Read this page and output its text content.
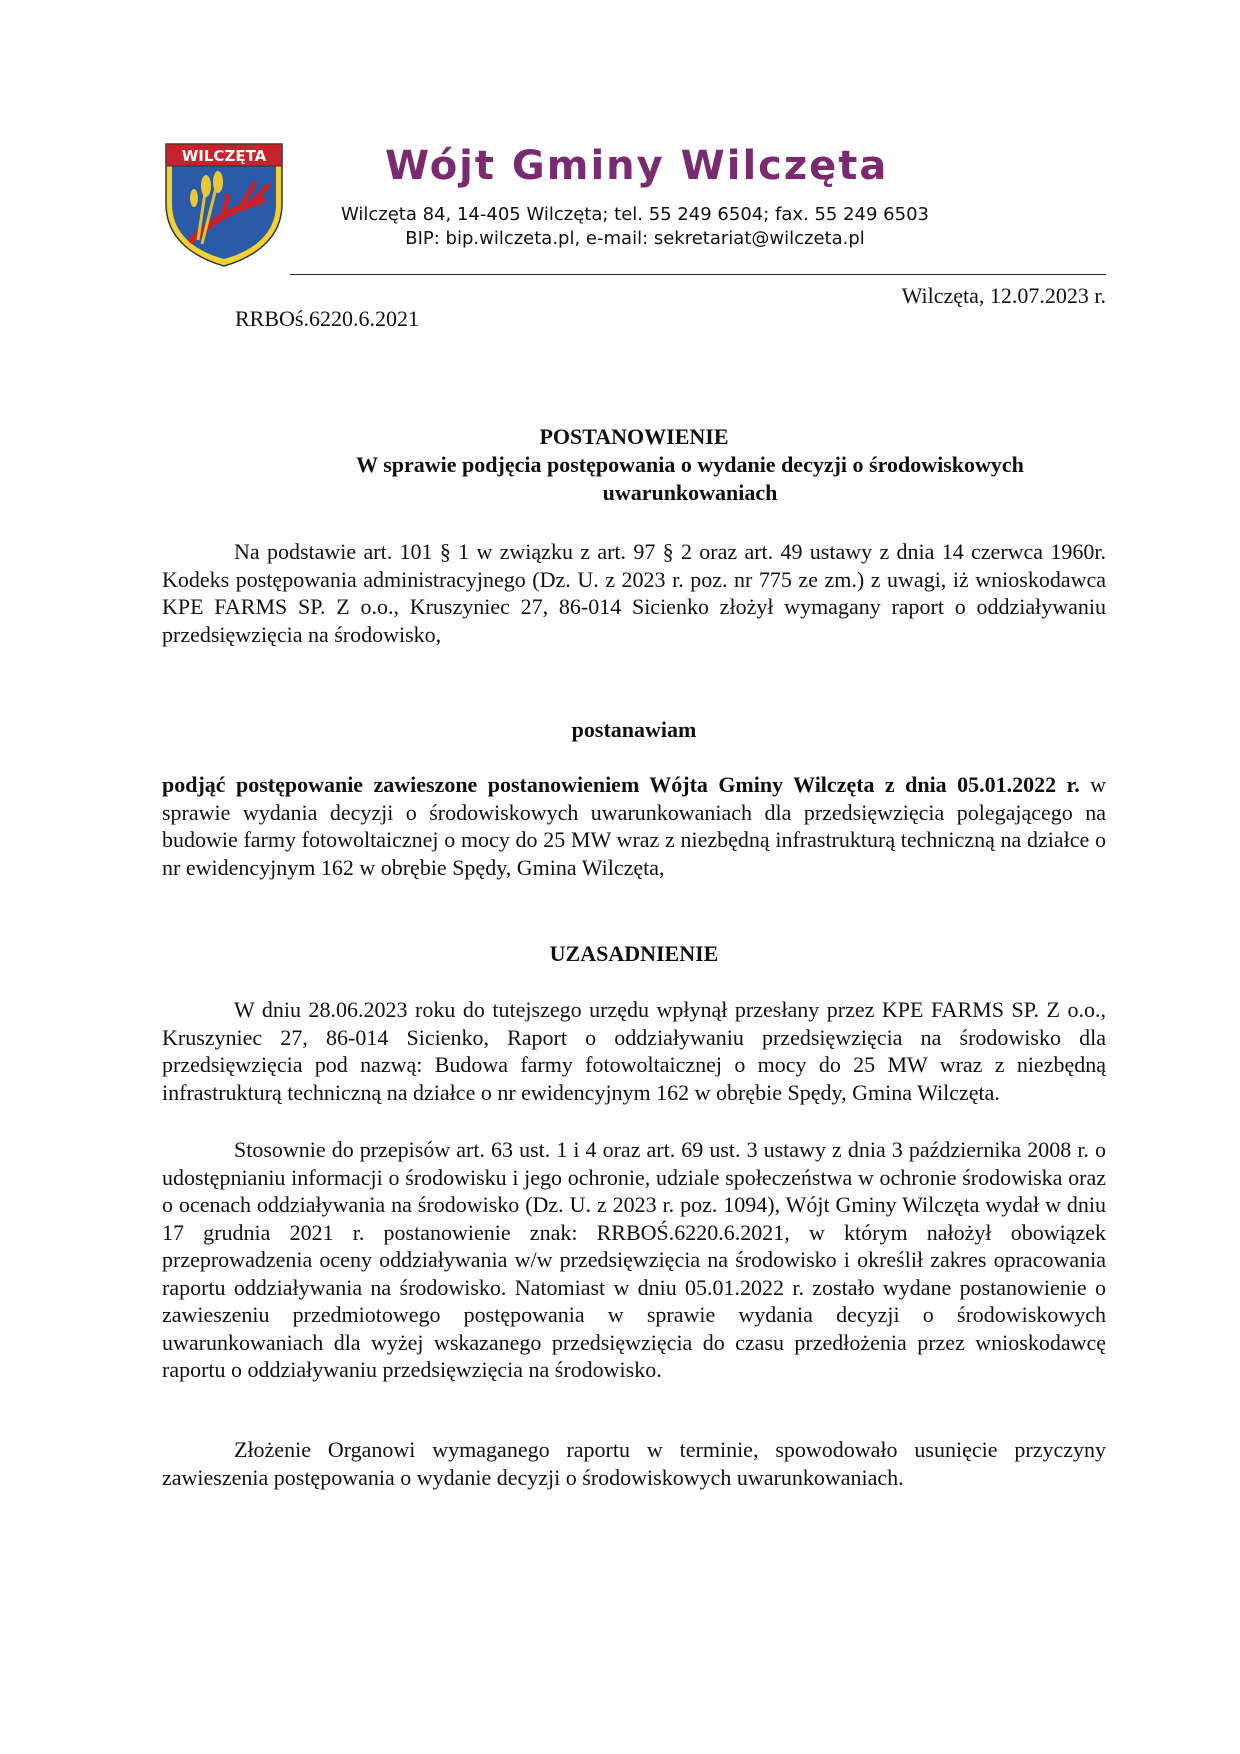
WILCZĘTA	Wójt Gminy Wilczęta
Wilczęta 84, 14-405 Wilczęta; tel. 55 249 6504; fax. 55 249 6503
BIP: bip.wilczeta.pl, e-mail: sekretariat@wilczeta.pl
Wilczęta, 12.07.2023 r.
RRBOś.6220.6.2021
POSTANOWIENIE
W sprawie podjęcia postępowania o wydanie decyzji o środowiskowych uwarunkowaniach
Na podstawie art. 101 § 1 w związku z art. 97 § 2 oraz art. 49 ustawy z dnia 14 czerwca 1960r. Kodeks postępowania administracyjnego (Dz. U. z 2023 r. poz. nr 775 ze zm.) z uwagi, iż wnioskodawca KPE FARMS SP. Z o.o., Kruszyniec 27, 86-014 Sicienko złożył wymagany raport o oddziaływaniu przedsięwzięcia na środowisko,
postanawiam
podjąć postępowanie zawieszone postanowieniem Wójta Gminy Wilczęta z dnia 05.01.2022 r. w sprawie wydania decyzji o środowiskowych uwarunkowaniach dla przedsięwzięcia polegającego na budowie farmy fotowoltaicznej o mocy do 25 MW wraz z niezbędną infrastrukturą techniczną na działce o nr ewidencyjnym 162 w obrębie Spędy, Gmina Wilczęta,
UZASADNIENIE
W dniu 28.06.2023 roku do tutejszego urzędu wpłynął przesłany przez KPE FARMS SP. Z o.o., Kruszyniec 27, 86-014 Sicienko, Raport o oddziaływaniu przedsięwzięcia na środowisko dla przedsięwzięcia pod nazwą: Budowa farmy fotowoltaicznej o mocy do 25 MW wraz z niezbędną infrastrukturą techniczną na działce o nr ewidencyjnym 162 w obrębie Spędy, Gmina Wilczęta.
Stosownie do przepisów art. 63 ust. 1 i 4 oraz art. 69 ust. 3 ustawy z dnia 3 października 2008 r. o udostępnianiu informacji o środowisku i jego ochronie, udziale społeczeństwa w ochronie środowiska oraz o ocenach oddziaływania na środowisko (Dz. U. z 2023 r. poz. 1094), Wójt Gminy Wilczęta wydał w dniu 17 grudnia 2021 r. postanowienie znak: RRBOŚ.6220.6.2021, w którym nałożył obowiązek przeprowadzenia oceny oddziaływania w/w przedsięwzięcia na środowisko i określił zakres opracowania raportu oddziaływania na środowisko. Natomiast w dniu 05.01.2022 r. zostało wydane postanowienie o zawieszeniu przedmiotowego postępowania w sprawie wydania decyzji o środowiskowych uwarunkowaniach dla wyżej wskazanego przedsięwzięcia do czasu przedłożenia przez wnioskodawcę raportu o oddziaływaniu przedsięwzięcia na środowisko.
Złożenie Organowi wymaganego raportu w terminie, spowodowało usunięcie przyczyny zawieszenia postępowania o wydanie decyzji o środowiskowych uwarunkowaniach.
